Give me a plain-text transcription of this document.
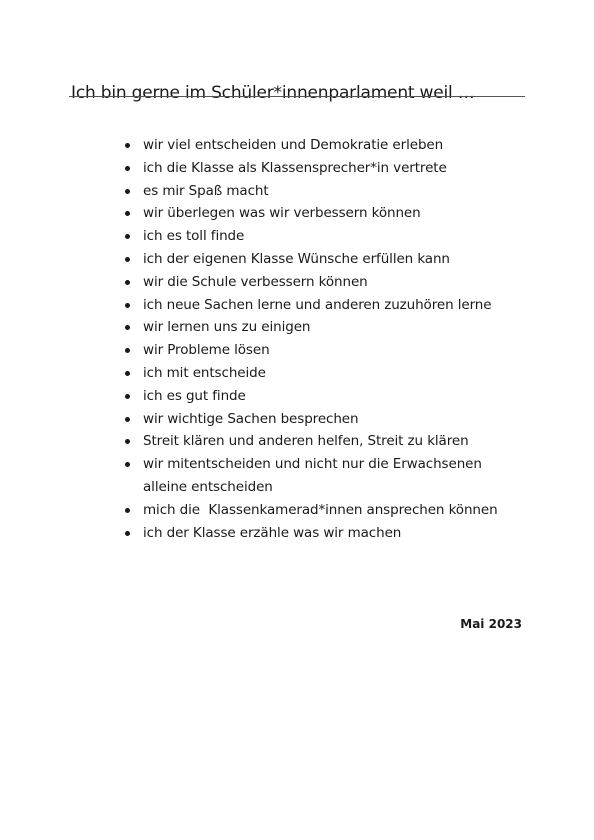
Ich bin gerne im Schüler*innenparlament weil …
wir viel entscheiden und Demokratie erleben
ich die Klasse als Klassensprecher*in vertrete
es mir Spaß macht
wir überlegen was wir verbessern können
ich es toll finde
ich der eigenen Klasse Wünsche erfüllen kann
wir die Schule verbessern können
ich neue Sachen lerne und anderen zuzuhören lerne
wir lernen uns zu einigen
wir Probleme lösen
ich mit entscheide
ich es gut finde
wir wichtige Sachen besprechen
Streit klären und anderen helfen, Streit zu klären
wir mitentscheiden und nicht nur die Erwachsenen
alleine entscheiden
mich die  Klassenkamerad*innen ansprechen können
ich der Klasse erzähle was wir machen
Mai 2023
